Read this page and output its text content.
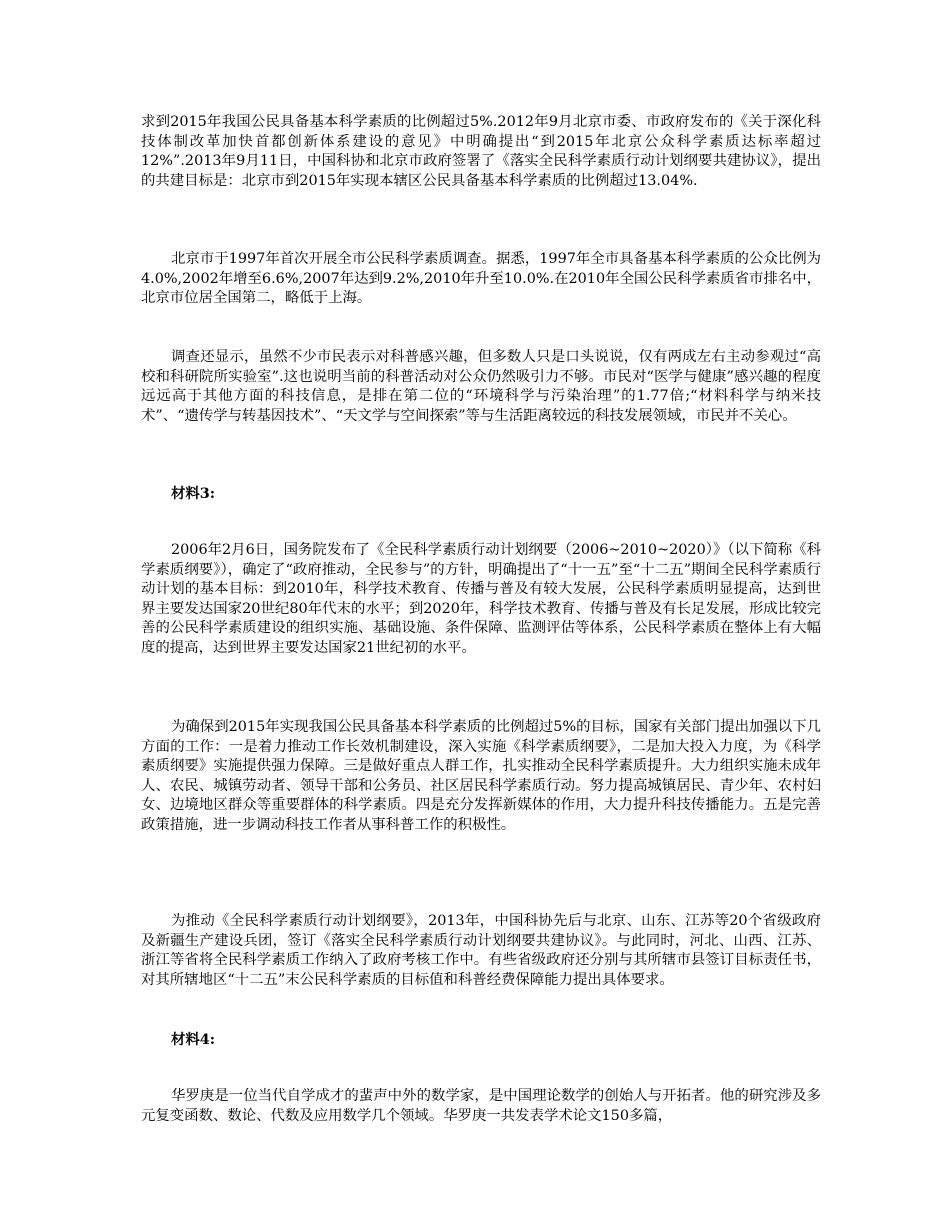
求到2015年我国公民具备基本科学素质的比例超过5%.2012年9月北京市委、市政府发布的《关于深化科技体制改革加快首都创新体系建设的意见》中明确提出“到2015年北京公众科学素质达标率超过12%”.2013年9月11日，中国科协和北京市政府签署了《落实全民科学素质行动计划纲要共建协议》，提出的共建目标是：北京市到2015年实现本辖区公民具备基本科学素质的比例超过13.04%.

北京市于1997年首次开展全市公民科学素质调查。据悉，1997年全市具备基本科学素质的公众比例为4.0%,2002年增至6.6%,2007年达到9.2%,2010年升至10.0%.在2010年全国公民科学素质省市排名中，北京市位居全国第二，略低于上海。

调查还显示，虽然不少市民表示对科普感兴趣，但多数人只是口头说说，仅有两成左右主动参观过“高校和科研院所实验室”.这也说明当前的科普活动对公众仍然吸引力不够。市民对“医学与健康”感兴趣的程度远远高于其他方面的科技信息，是排在第二位的“环境科学与污染治理”的1.77倍;“材料科学与纳米技术”、“遗传学与转基因技术”、“天文学与空间探索”等与生活距离较远的科技发展领域，市民并不关心。

材料3:

2006年2月6日，国务院发布了《全民科学素质行动计划纲要（2006~2010~2020）》（以下简称《科学素质纲要》），确定了“政府推动，全民参与”的方针，明确提出了“十一五”至“十二五”期间全民科学素质行动计划的基本目标：到2010年，科学技术教育、传播与普及有较大发展，公民科学素质明显提高，达到世界主要发达国家20世纪80年代末的水平；到2020年，科学技术教育、传播与普及有长足发展，形成比较完善的公民科学素质建设的组织实施、基础设施、条件保障、监测评估等体系，公民科学素质在整体上有大幅度的提高，达到世界主要发达国家21世纪初的水平。

为确保到2015年实现我国公民具备基本科学素质的比例超过5%的目标，国家有关部门提出加强以下几方面的工作：一是着力推动工作长效机制建设，深入实施《科学素质纲要》，二是加大投入力度，为《科学素质纲要》实施提供强力保障。三是做好重点人群工作，扎实推动全民科学素质提升。大力组织实施未成年人、农民、城镇劳动者、领导干部和公务员、社区居民科学素质行动。努力提高城镇居民、青少年、农村妇女、边境地区群众等重要群体的科学素质。四是充分发挥新媒体的作用，大力提升科技传播能力。五是完善政策措施，进一步调动科技工作者从事科普工作的积极性。

为推动《全民科学素质行动计划纲要》，2013年，中国科协先后与北京、山东、江苏等20个省级政府及新疆生产建设兵团，签订《落实全民科学素质行动计划纲要共建协议》。与此同时，河北、山西、江苏、浙江等省将全民科学素质工作纳入了政府考核工作中。有些省级政府还分别与其所辖市县签订目标责任书，对其所辖地区“十二五”末公民科学素质的目标值和科普经费保障能力提出具体要求。

材料4:

华罗庚是一位当代自学成才的蜚声中外的数学家，是中国理论数学的创始人与开拓者。他的研究涉及多元复变函数、数论、代数及应用数学几个领域。华罗庚一共发表学术论文150多篇，
